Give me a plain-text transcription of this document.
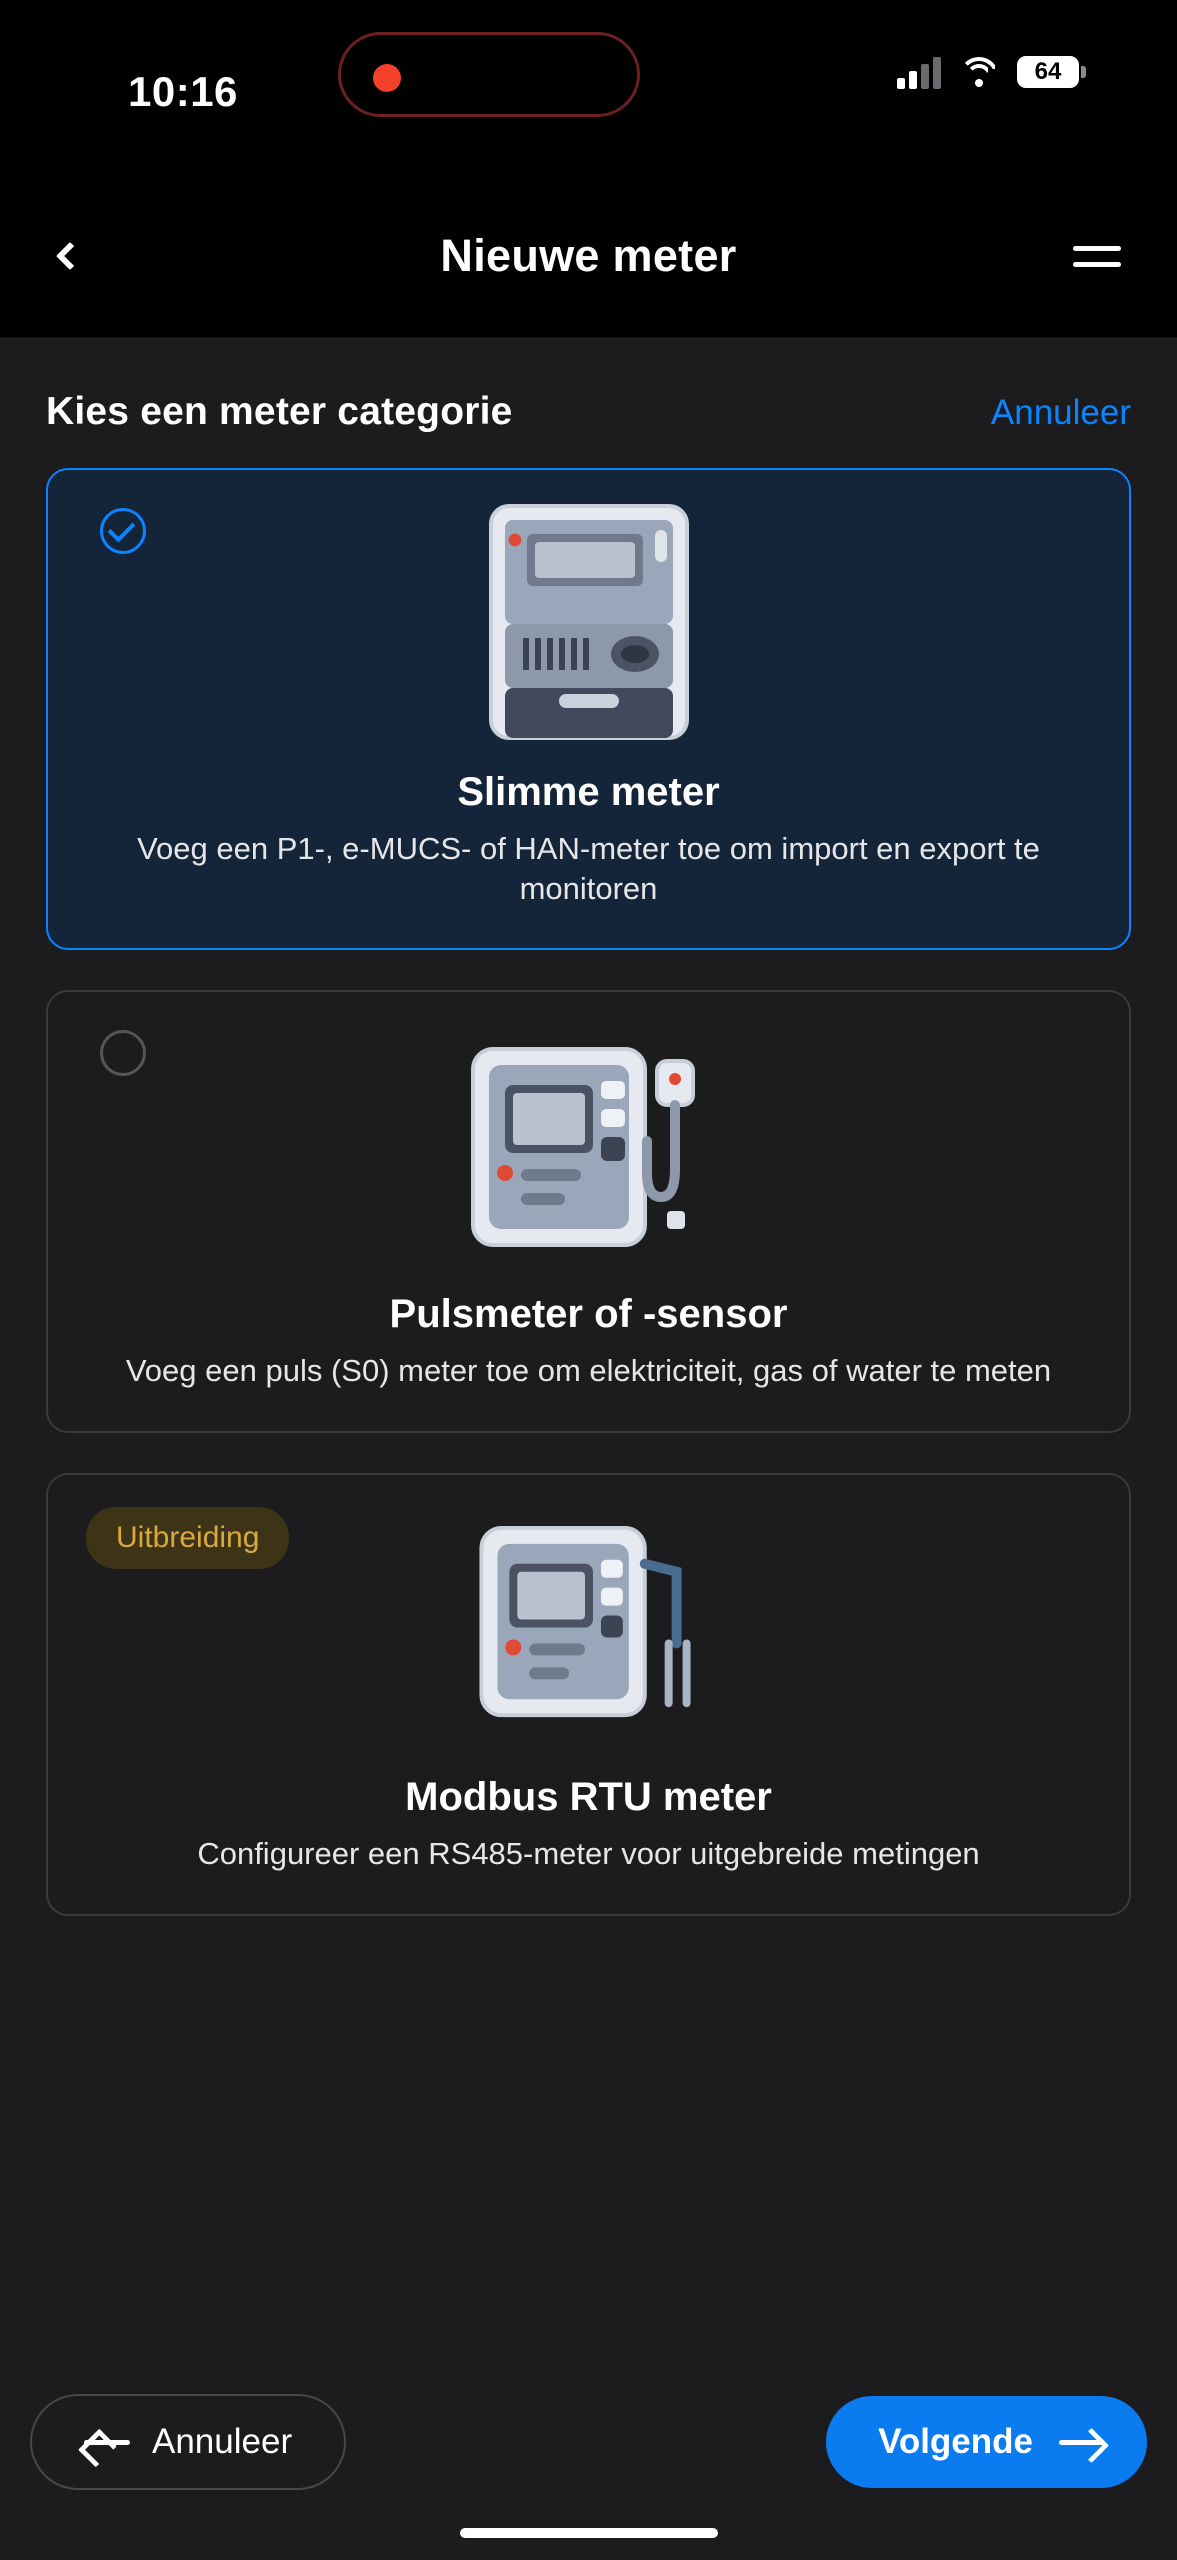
10:16	64
Nieuwe meter
Kies een meter categorie	Annuleer
Slimme meter
Voeg een P1-, e-MUCS- of HAN-meter toe om import en export te monitoren
Pulsmeter of -sensor
Voeg een puls (S0) meter toe om elektriciteit, gas of water te meten
Uitbreiding
Modbus RTU meter
Configureer een RS485-meter voor uitgebreide metingen
Annuleer	Volgende
